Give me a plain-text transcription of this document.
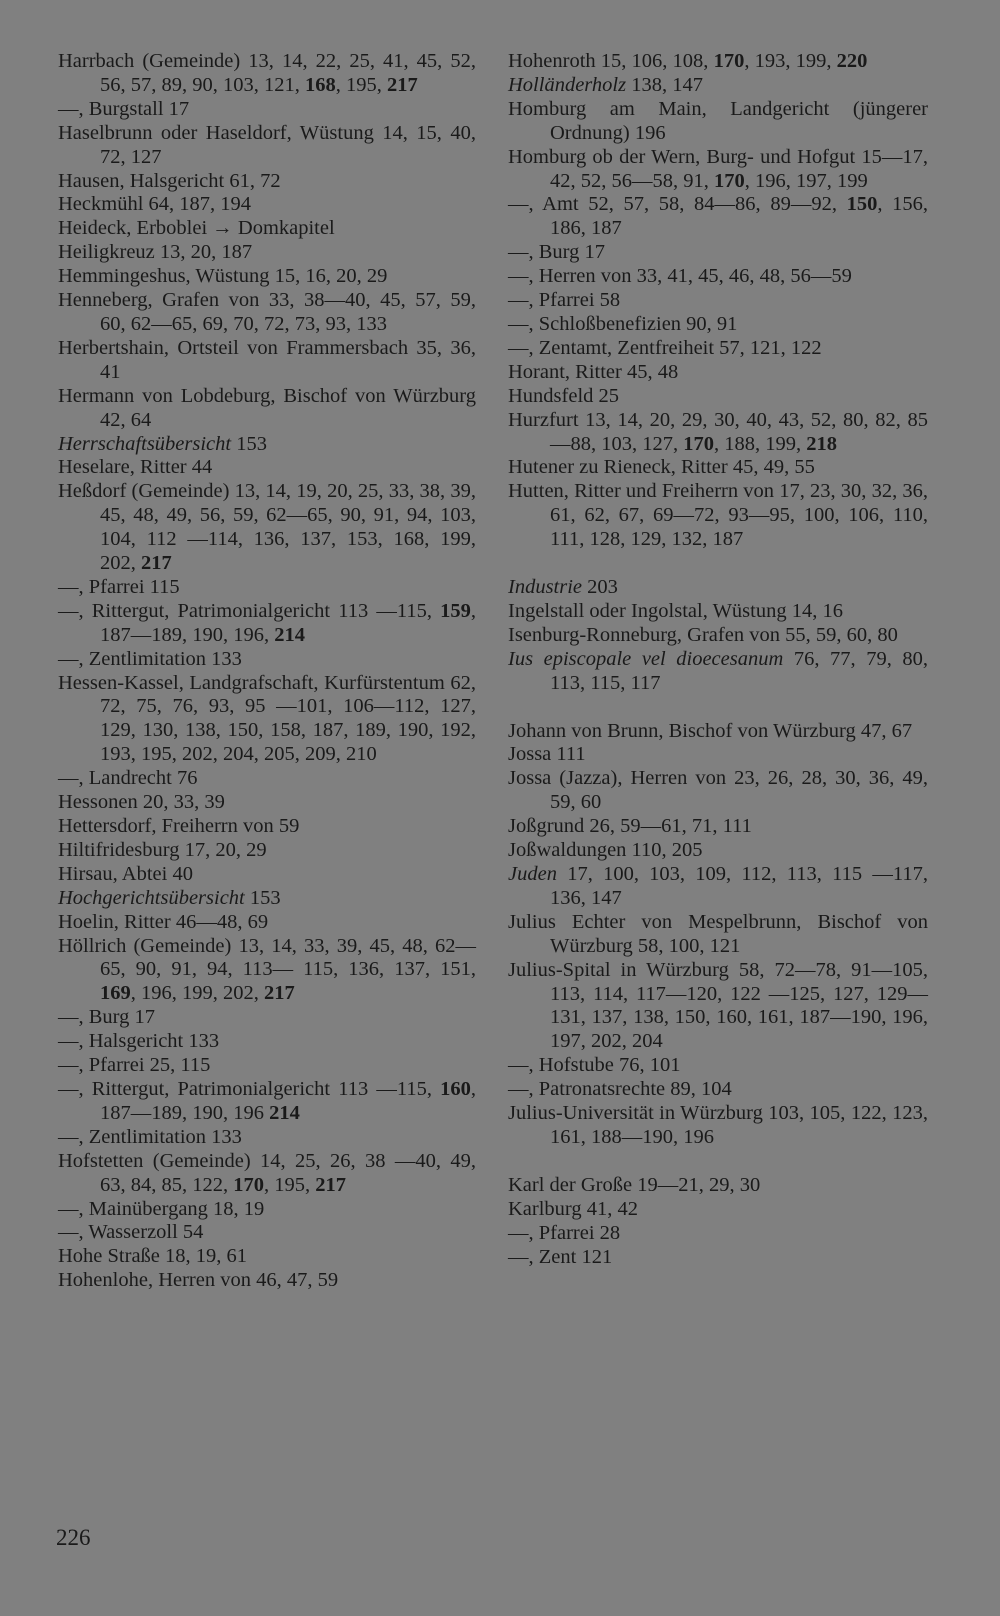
Harrbach (Gemeinde) 13, 14, 22, 25, 41, 45, 52, 56, 57, 89, 90, 103, 121, 168, 195, 217
—, Burgstall 17
Haselbrunn oder Haseldorf, Wüstung 14, 15, 40, 72, 127
Hausen, Halsgericht 61, 72
Heckmühl 64, 187, 194
Heideck, Erboblei → Domkapitel
Heiligkreuz 13, 20, 187
Hemmingeshus, Wüstung 15, 16, 20, 29
Henneberg, Grafen von 33, 38—40, 45, 57, 59, 60, 62—65, 69, 70, 72, 73, 93, 133
Herbertshain, Ortsteil von Frammersbach 35, 36, 41
Hermann von Lobdeburg, Bischof von Würzburg 42, 64
Herrschaftsübersicht 153
Heselare, Ritter 44
Heßdorf (Gemeinde) 13, 14, 19, 20, 25, 33, 38, 39, 45, 48, 49, 56, 59, 62—65, 90, 91, 94, 103, 104, 112 —114, 136, 137, 153, 168, 199, 202, 217
—, Pfarrei 115
—, Rittergut, Patrimonialgericht 113 —115, 159, 187—189, 190, 196, 214
—, Zentlimitation 133
Hessen-Kassel, Landgrafschaft, Kurfürstentum 62, 72, 75, 76, 93, 95 —101, 106—112, 127, 129, 130, 138, 150, 158, 187, 189, 190, 192, 193, 195, 202, 204, 205, 209, 210
—, Landrecht 76
Hessonen 20, 33, 39
Hettersdorf, Freiherrn von 59
Hiltifridesburg 17, 20, 29
Hirsau, Abtei 40
Hochgerichtsübersicht 153
Hoelin, Ritter 46—48, 69
Höllrich (Gemeinde) 13, 14, 33, 39, 45, 48, 62—65, 90, 91, 94, 113— 115, 136, 137, 151, 169, 196, 199, 202, 217
—, Burg 17
—, Halsgericht 133
—, Pfarrei 25, 115
—, Rittergut, Patrimonialgericht 113 —115, 160, 187—189, 190, 196 214
—, Zentlimitation 133
Hofstetten (Gemeinde) 14, 25, 26, 38 —40, 49, 63, 84, 85, 122, 170, 195, 217
—, Mainübergang 18, 19
—, Wasserzoll 54
Hohe Straße 18, 19, 61
Hohenlohe, Herren von 46, 47, 59
Hohenroth 15, 106, 108, 170, 193, 199, 220
Holländerholz 138, 147
Homburg am Main, Landgericht (jüngerer Ordnung) 196
Homburg ob der Wern, Burg- und Hofgut 15—17, 42, 52, 56—58, 91, 170, 196, 197, 199
—, Amt 52, 57, 58, 84—86, 89—92, 150, 156, 186, 187
—, Burg 17
—, Herren von 33, 41, 45, 46, 48, 56—59
—, Pfarrei 58
—, Schloßbenefizien 90, 91
—, Zentamt, Zentfreiheit 57, 121, 122
Horant, Ritter 45, 48
Hundsfeld 25
Hurzfurt 13, 14, 20, 29, 30, 40, 43, 52, 80, 82, 85—88, 103, 127, 170, 188, 199, 218
Hutener zu Rieneck, Ritter 45, 49, 55
Hutten, Ritter und Freiherrn von 17, 23, 30, 32, 36, 61, 62, 67, 69—72, 93—95, 100, 106, 110, 111, 128, 129, 132, 187
Industrie 203
Ingelstall oder Ingolstal, Wüstung 14, 16
Isenburg-Ronneburg, Grafen von 55, 59, 60, 80
Ius episcopale vel dioecesanum 76, 77, 79, 80, 113, 115, 117
Johann von Brunn, Bischof von Würzburg 47, 67
Jossa 111
Jossa (Jazza), Herren von 23, 26, 28, 30, 36, 49, 59, 60
Joßgrund 26, 59—61, 71, 111
Joßwaldungen 110, 205
Juden 17, 100, 103, 109, 112, 113, 115 —117, 136, 147
Julius Echter von Mespelbrunn, Bischof von Würzburg 58, 100, 121
Julius-Spital in Würzburg 58, 72—78, 91—105, 113, 114, 117—120, 122 —125, 127, 129—131, 137, 138, 150, 160, 161, 187—190, 196, 197, 202, 204
—, Hofstube 76, 101
—, Patronatsrechte 89, 104
Julius-Universität in Würzburg 103, 105, 122, 123, 161, 188—190, 196
Karl der Große 19—21, 29, 30
Karlburg 41, 42
—, Pfarrei 28
—, Zent 121
226
